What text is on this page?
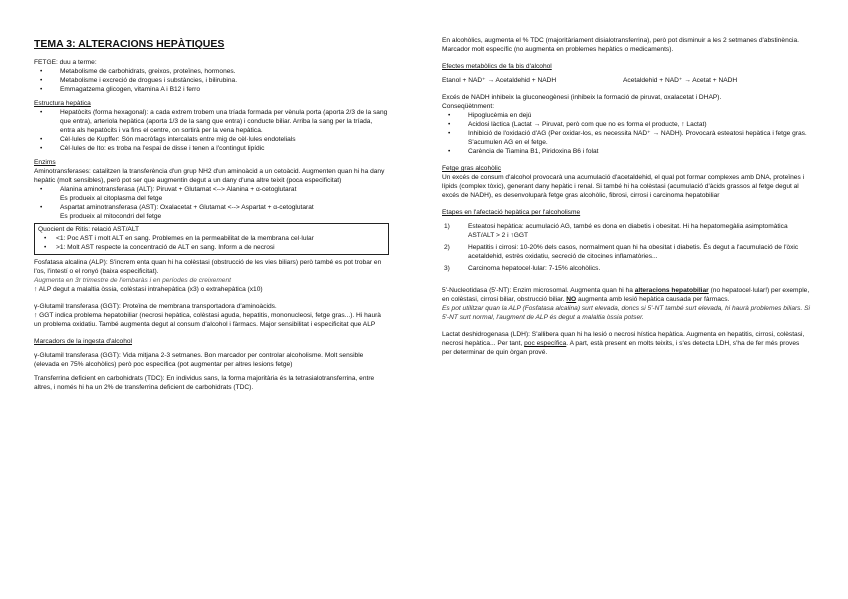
TEMA 3: ALTERACIONS HEPÀTIQUES
FETGE: duu a terme:
• Metabolisme de carbohidrats, greixos, proteïnes, hormones.
• Metabolisme i excreció de drogues i substàncies, i bilirubina.
• Emmagatzema glicogen, vitamina A i B12 i ferro
Estructura hepàtica
• Hepatòcits (forma hexagonal): a cada extrem trobem una tríada formada per vènula porta (aporta 2/3 de la sang que entra), arteriola hepàtica (aporta 1/3 de la sang que entra) i conducte biliar. Arriba la sang per la tríada, entra als hepatòcits i va fins el centre, on sortirà per la vena hepàtica.
• Cèl·lules de Kupffer: Són macròfags intercalats entre mig de cèl·lules endotelials
• Cèl·lules de Ito: es troba na l'espai de disse i tenen a l'contingut lipídic
Enzims
Aminotransferases: catalitzen la transferència d'un grup NH2 d'un aminoàcid a un cetoàcid. Augmenten quan hi ha dany hepàtic (molt sensibles), però pot ser que augmentin degut a un dany d'una altre teixit (poca especificitat)
• Alanina aminotransferasa (ALT): Piruvat + Glutamat <--> Alanina + α-cetoglutarat
Es produeix al citoplasma del fetge
• Aspartat aminotransferasa (AST): Oxalacetat + Glutamat <--> Aspartat + α-cetoglutarat
Es produeix al mitocondri del fetge
Quocient de Ritis: relació AST/ALT
• <1: Poc AST i molt ALT en sang. Problemes en la permeabilitat de la membrana cel·lular
• >1: Molt AST respecte la concentració de ALT en sang. Inform a de necrosi
Fosfatasa alcalina (ALP): S'increm enta quan hi ha colèstasi (obstrucció de les vies biliars) però també es pot trobar en l'os, l'intestí o el ronyó (baixa especificitat).
Augmenta en 3r trimestre de l'embaràs i en períodes de creixement
↑ ALP degut a malaltia òssia, colèstasi intrahepàtica (x3) o extrahepàtica (x10)
γ-Glutamil transferasa (GGT): Proteïna de membrana transportadora d'aminoàcids.
↑ GGT indica problema hepatobiliar (necrosi hepàtica, colèstasi aguda, hepatitis, mononucleosi, fetge gras...). Hi haurà un problema oxidatiu. També augmenta degut al consum d'alcohol i fàrmacs. Major sensibilitat i especificitat que ALP
Marcadors de la ingesta d'alcohol
γ-Glutamil transferasa (GGT): Vida mitjana 2-3 setmanes. Bon marcador per controlar alcoholisme. Molt sensible (elevada en 75% alcohòlics) però poc específica (pot augmentar per altres lesions fetge)
Transferrina deficient en carbohidrats (TDC): En individus sans, la forma majoritària és la tetrasialotransferrina, entre altres, i només hi ha un 2% de transferrina deficient de carbohidrats (TDC).
En alcohòlics, augmenta el % TDC (majoritàriament disialotransferrina), però pot disminuir a les 2 setmanes d'abstinència.
Marcador molt específic (no augmenta en problemes hepàtics o medicaments).
Efectes metabòlics de fa bis d'alcohol
Etanol + NAD⁺ → Acetaldehid + NADH	Acetaldehid + NAD⁺ → Acetat + NADH
Excés de NADH inhibeix la gluconeogènesi (inhibeix la formació de piruvat, oxalacetat i DHAP).
Conseqüètnment:
• Hipoglucèmia en dejú
• Acidosi làctica (Lactat → Piruvat, però com que no es forma el producte, ↑ Lactat)
• Inhibició de l'oxidació d'AG (Per oxidar-los, es necessita NAD⁺ → NADH). Provocarà esteatosi hepàtica i fetge gras. S'acumulen AG en el fetge.
• Carència de Tiamina B1, Piridoxina B6 i folat
Fetge gras alcohòlic
Un excés de consum d'alcohol provocarà una acumulació d'acetaldehid, el qual pot formar complexes amb DNA, proteïnes i lípids (complex tòxic), generant dany hepàtic i renal. Si també hi ha colèstasi (acumulació d'àcids grassos al fetge degut al excés de NADH), es desenvoluparà fetge gras alcohòlic, fibrosi, cirrosi i carcinoma hepatobiliar
Etapes en l'afectació hepàtica per l'alcoholisme
1)	Esteatosi hepàtica: acumulació AG, també es dona en diabetis i obesitat. Hi ha hepatomegàlia asimptomàtica
AST/ALT > 2 i ↑GGT
2)	Hepatitis i cirrosi: 10-20% dels casos, normalment quan hi ha obesitat i diabetis. És degut a l'acumulació de l'òxic acetaldehid, estrès oxidatiu, secreció de citocines inflamatòries...
3)	Carcinoma hepatocel·lular: 7-15% alcohòlics.
5'-Nucleotidasa (5'-NT): Enzim microsomal. Augmenta quan hi ha alteracions hepatobiliar (no hepatocel·lular!) per exemple, en colèstasi, cirrosi biliar, obstrucció biliar. NO augmenta amb lesió hepàtica causada per fàrmacs.
Es pot utilitzar quan la ALP (Fosfatasa alcalina) surt elevada, doncs si 5'-NT també surt elevada, hi haurà problemes biliars. Si 5'-NT surt normal, l'augment de ALP és degut a malaltia òssia potser.
Lactat deshidrogenasa (LDH): S'allibera quan hi ha lesió o necrosi hística hepàtica. Augmenta en hepatitis, cirrosi, colèstasi, necrosi hepàtica... Per tant, poc específica. A part, està present en molts teixits, i s'es detecta LDH, s'ha de fer més proves per determinar de quin òrgan prové.
